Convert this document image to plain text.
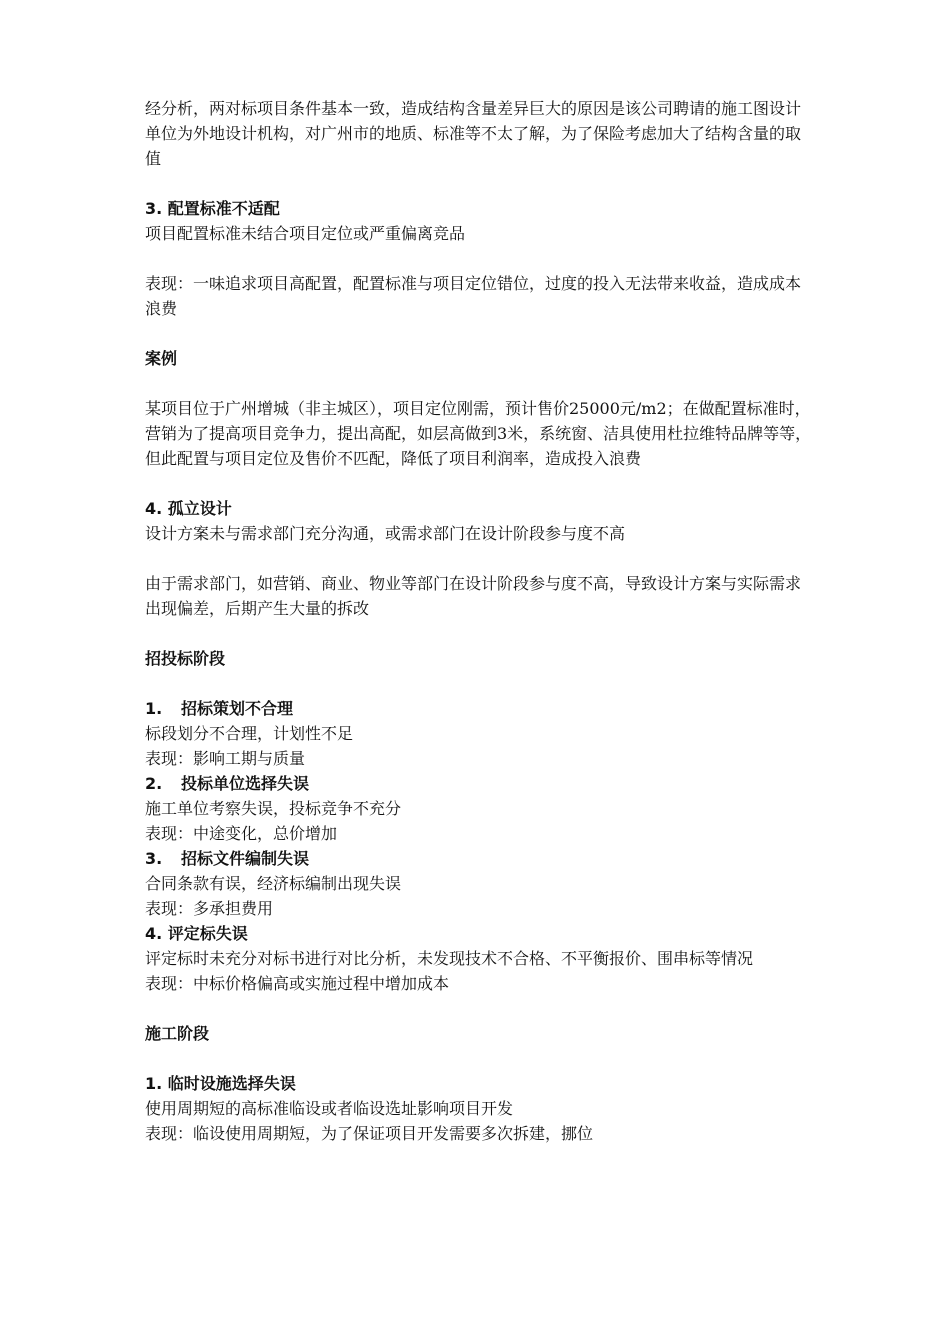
经分析，两对标项目条件基本一致，造成结构含量差异巨大的原因是该公司聘请的施工图设计单位为外地设计机构，对广州市的地质、标准等不太了解，为了保险考虑加大了结构含量的取值

3. 配置标准不适配

项目配置标准未结合项目定位或严重偏离竞品

表现：一味追求项目高配置，配置标准与项目定位错位，过度的投入无法带来收益，造成成本浪费

案例

某项目位于广州增城（非主城区），项目定位刚需，预计售价25000元/m2；在做配置标准时，营销为了提高项目竞争力，提出高配，如层高做到3米，系统窗、洁具使用杜拉维特品牌等等，但此配置与项目定位及售价不匹配，降低了项目利润率，造成投入浪费

4. 孤立设计

设计方案未与需求部门充分沟通，或需求部门在设计阶段参与度不高

由于需求部门，如营销、商业、物业等部门在设计阶段参与度不高，导致设计方案与实际需求出现偏差，后期产生大量的拆改

招投标阶段

1. 招标策划不合理

标段划分不合理，计划性不足

表现：影响工期与质量

2. 投标单位选择失误

施工单位考察失误，投标竞争不充分

表现：中途变化，总价增加

3. 招标文件编制失误

合同条款有误，经济标编制出现失误

表现：多承担费用

4. 评定标失误

评定标时未充分对标书进行对比分析，未发现技术不合格、不平衡报价、围串标等情况

表现：中标价格偏高或实施过程中增加成本

施工阶段

1. 临时设施选择失误

使用周期短的高标准临设或者临设选址影响项目开发

表现：临设使用周期短，为了保证项目开发需要多次拆建，挪位
